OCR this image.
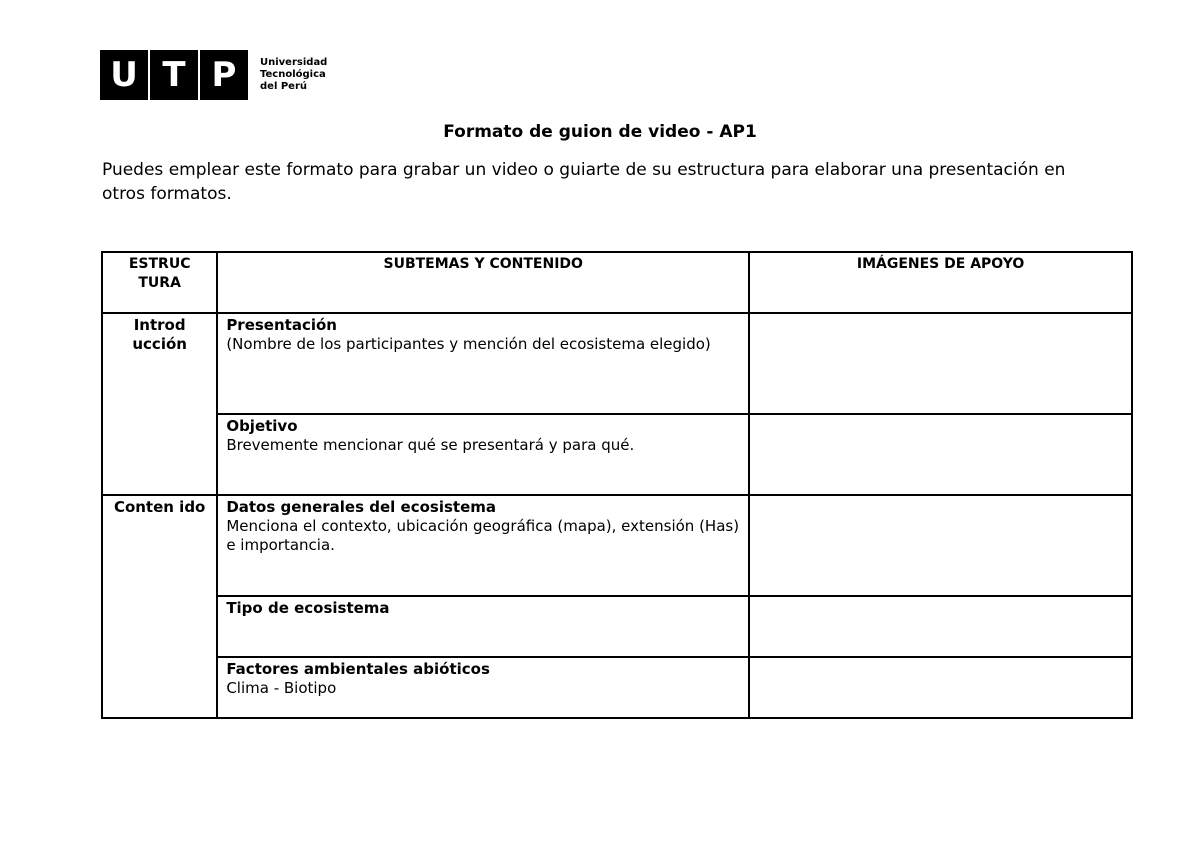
U T P	Universidad
Tecnológica
del Perú
Formato de guion de video - AP1

Puedes emplear este formato para grabar un video o guiarte de su estructura para elaborar una presentación en otros formatos.

ESTRUC TURA	SUBTEMAS Y CONTENIDO	IMÁGENES DE APOYO
Introd ucción	Presentación
(Nombre de los participantes y mención del ecosistema elegido)	

	Objetivo
Brevemente mencionar qué se presentará y para qué.	

Conten ido	Datos generales del ecosistema
Menciona el contexto, ubicación geográfica (mapa), extensión (Has) e importancia.	

	Tipo de ecosistema	

	Factores ambientales abióticos
Clima - Biotipo	
